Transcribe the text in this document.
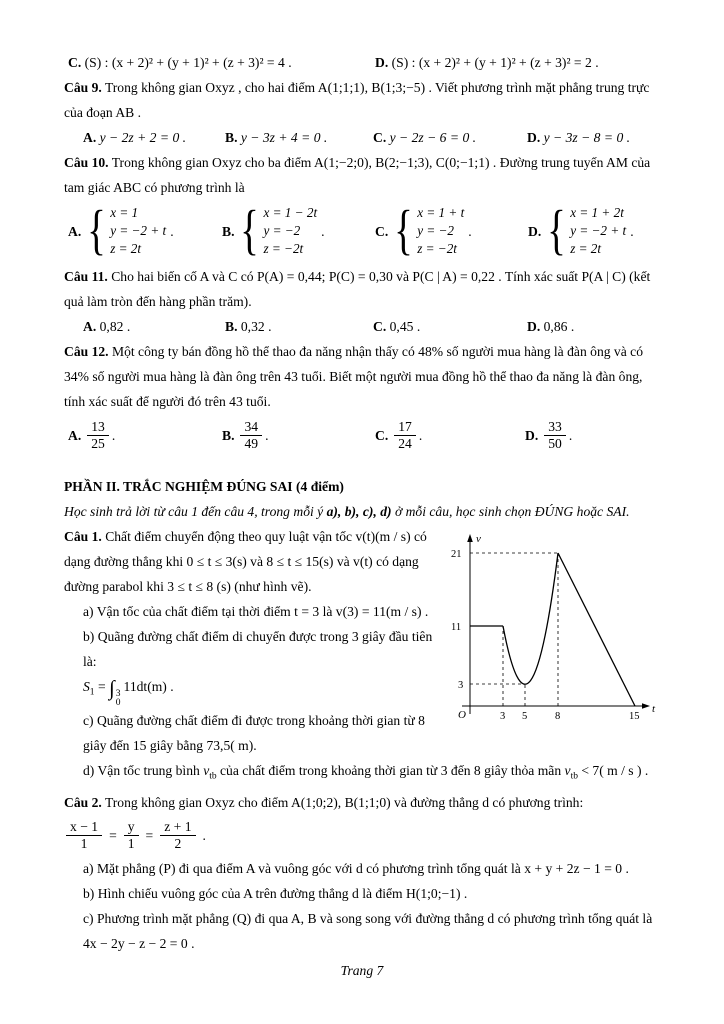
C. (S) : (x + 2)² + (y + 1)² + (z + 3)² = 4 .	D. (S) : (x + 2)² + (y + 1)² + (z + 3)² = 2 .

Câu 9. Trong không gian Oxyz , cho hai điểm A(1;1;1), B(1;3;−5) . Viết phương trình mặt phẳng trung trực của đoạn AB .

A. y − 2z + 2 = 0 .	B. y − 3z + 4 = 0 .	C. y − 2z − 6 = 0 .	D. y − 3z − 8 = 0 .

Câu 10. Trong không gian Oxyz cho ba điểm A(1;−2;0), B(2;−1;3), C(0;−1;1) . Đường trung tuyến AM của tam giác ABC có phương trình là

A. { x = 1
y = −2 + t
z = 2t
.	B. { x = 1 − 2t
y = −2
z = −2t
.	C. { x = 1 + t
y = −2
z = −2t
.	D. { x = 1 + 2t
y = −2 + t
z = 2t
.

Câu 11. Cho hai biến cố A và C có P(A) = 0,44; P(C) = 0,30 và P(C | A) = 0,22 . Tính xác suất P(A | C) (kết quả làm tròn đến hàng phần trăm).

A. 0,82 .	B. 0,32 .	C. 0,45 .	D. 0,86 .

Câu 12. Một công ty bán đồng hồ thể thao đa năng nhận thấy có 48% số người mua hàng là đàn ông và có 34% số người mua hàng là đàn ông trên 43 tuổi. Biết một người mua đồng hồ thể thao đa năng là đàn ông, tính xác suất để người đó trên 43 tuổi.

A. $\frac{13}{25}$ .	B. $\frac{34}{49}$ .	C. $\frac{17}{24}$ .	D. $\frac{33}{50}$ .

PHẦN II. TRẮC NGHIỆM ĐÚNG SAI (4 điểm)

Học sinh trả lời từ câu 1 đến câu 4, trong mỗi ý a), b), c), d) ở mỗi câu, học sinh chọn ĐÚNG hoặc SAI.

v
t
O
21
11
3
3 5	8	15

Câu 1. Chất điểm chuyển động theo quy luật vận tốc v(t)(m / s) có dạng đường thẳng khi 0 ≤ t ≤ 3(s) và 8 ≤ t ≤ 15(s) và v(t) có dạng đường parabol khi 3 ≤ t ≤ 8 (s) (như hình vẽ).

a) Vận tốc của chất điểm tại thời điểm t = 3 là v(3) = 11(m / s) .

b) Quãng đường chất điểm di chuyển được trong 3 giây đầu tiên là:

$S_1$ = ∫ 3
0
11dt(m) .

c) Quãng đường chất điểm đi được trong khoảng thời gian từ 8 giây đến 15 giây bằng 73,5( m).

d) Vận tốc trung bình $v_{tb}$ của chất điểm trong khoảng thời gian từ 3 đến 8 giây thỏa mãn $v_{tb} < 7$( m / s ) .

Câu 2. Trong không gian Oxyz cho điểm A(1;0;2), B(1;1;0) và đường thẳng d có phương trình:

$\frac{x - 1}{1} = \frac{y}{1} = \frac{z + 1}{2}$ .

a) Mặt phẳng (P) đi qua điểm A và vuông góc với d có phương trình tổng quát là x + y + 2z − 1 = 0 .

b) Hình chiếu vuông góc của A trên đường thẳng d là điểm H(1;0;−1) .

c) Phương trình mặt phẳng (Q) đi qua A, B và song song với đường thẳng d có phương trình tổng quát là 4x − 2y − z − 2 = 0 .

Trang 7
